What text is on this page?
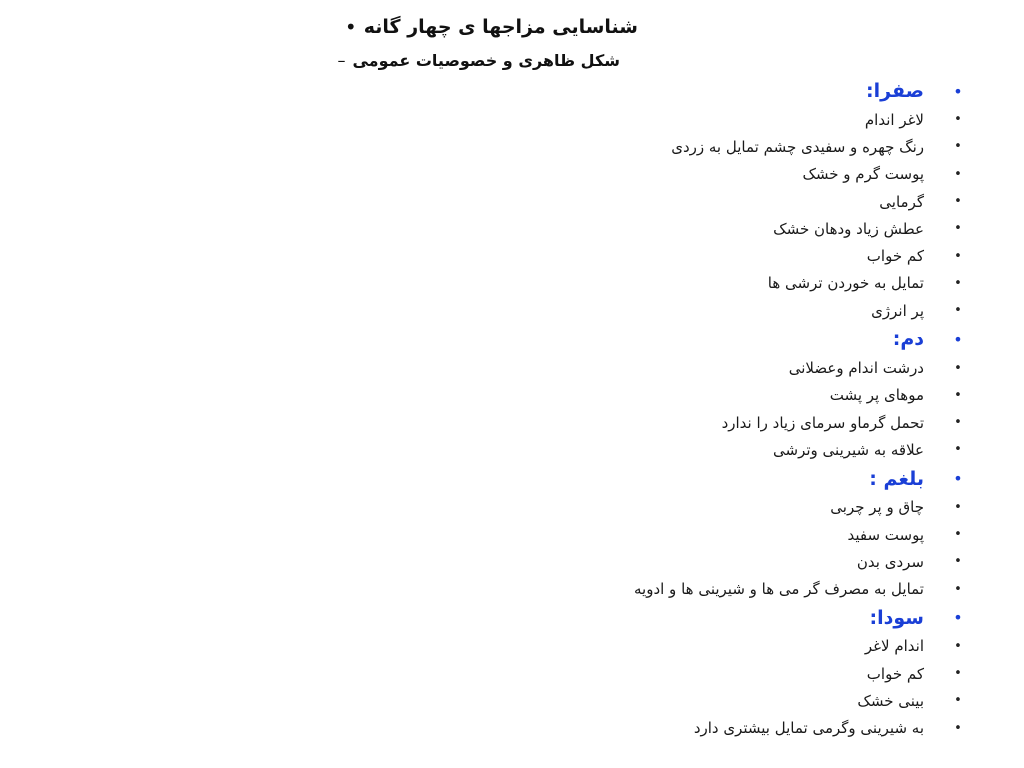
• شناسایی مزاجها ی چهار گانه
– شکل ظاهری و خصوصیات عمومی
•
صفرا:
•
لاغر اندام
•
رنگ چهره و سفیدی چشم تمایل به زردی
•
پوست گرم و خشک
•
گرمایی
•
عطش زیاد ودهان خشک
•
کم خواب
•
تمایل به خوردن ترشی ها
•
پر انرژی
•
دم:
•
درشت اندام وعضلانی
•
موهای پر پشت
•
تحمل گرماو سرمای زیاد را ندارد
•
علاقه به شیرینی وترشی
•
بلغم :
•
چاق و پر چربی
•
پوست سفید
•
سردی بدن
•
تمایل به مصرف گر می ها و شیرینی ها و ادویه
•
سودا:
•
اندام لاغر
•
کم خواب
•
بینی خشک
•
به شیرینی وگرمی تمایل بیشتری دارد
